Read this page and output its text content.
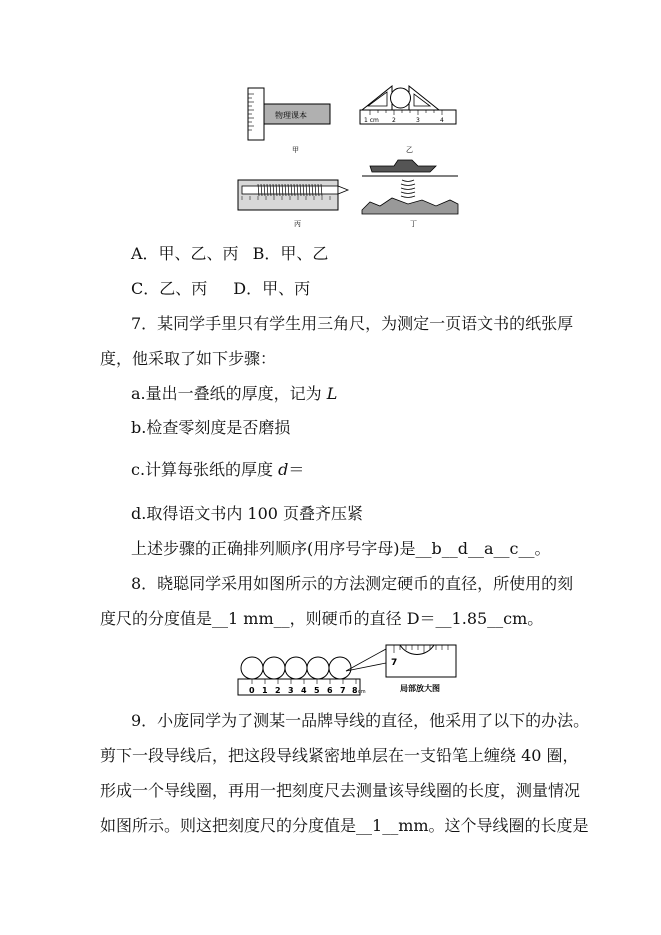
物理课本
甲
1 cm 2	3	4
乙
丙	丁
A．甲、乙、丙 B．甲、乙
C．乙、丙 D．甲、丙
7．某同学手里只有学生用三角尺，为测定一页语文书的纸张厚
度，他采取了如下步骤：
a.量出一叠纸的厚度，记为 L
b.检查零刻度是否磨损
c.计算每张纸的厚度 d＝
d.取得语文书内 100 页叠齐压紧
上述步骤的正确排列顺序(用序号字母)是__b__d__a__c__。
8．晓聪同学采用如图所示的方法测定硬币的直径，所使用的刻
度尺的分度值是__1 mm__，则硬币的直径 D＝__1.85__cm。
0 1 2 3 4 5 6 7 8 cm
7
局部放大图
9．小庞同学为了测某一品牌导线的直径，他采用了以下的办法。
剪下一段导线后，把这段导线紧密地单层在一支铅笔上缠绕 40 圈，
形成一个导线圈，再用一把刻度尺去测量该导线圈的长度，测量情况
如图所示。则这把刻度尺的分度值是__1__mm。这个导线圈的长度是
